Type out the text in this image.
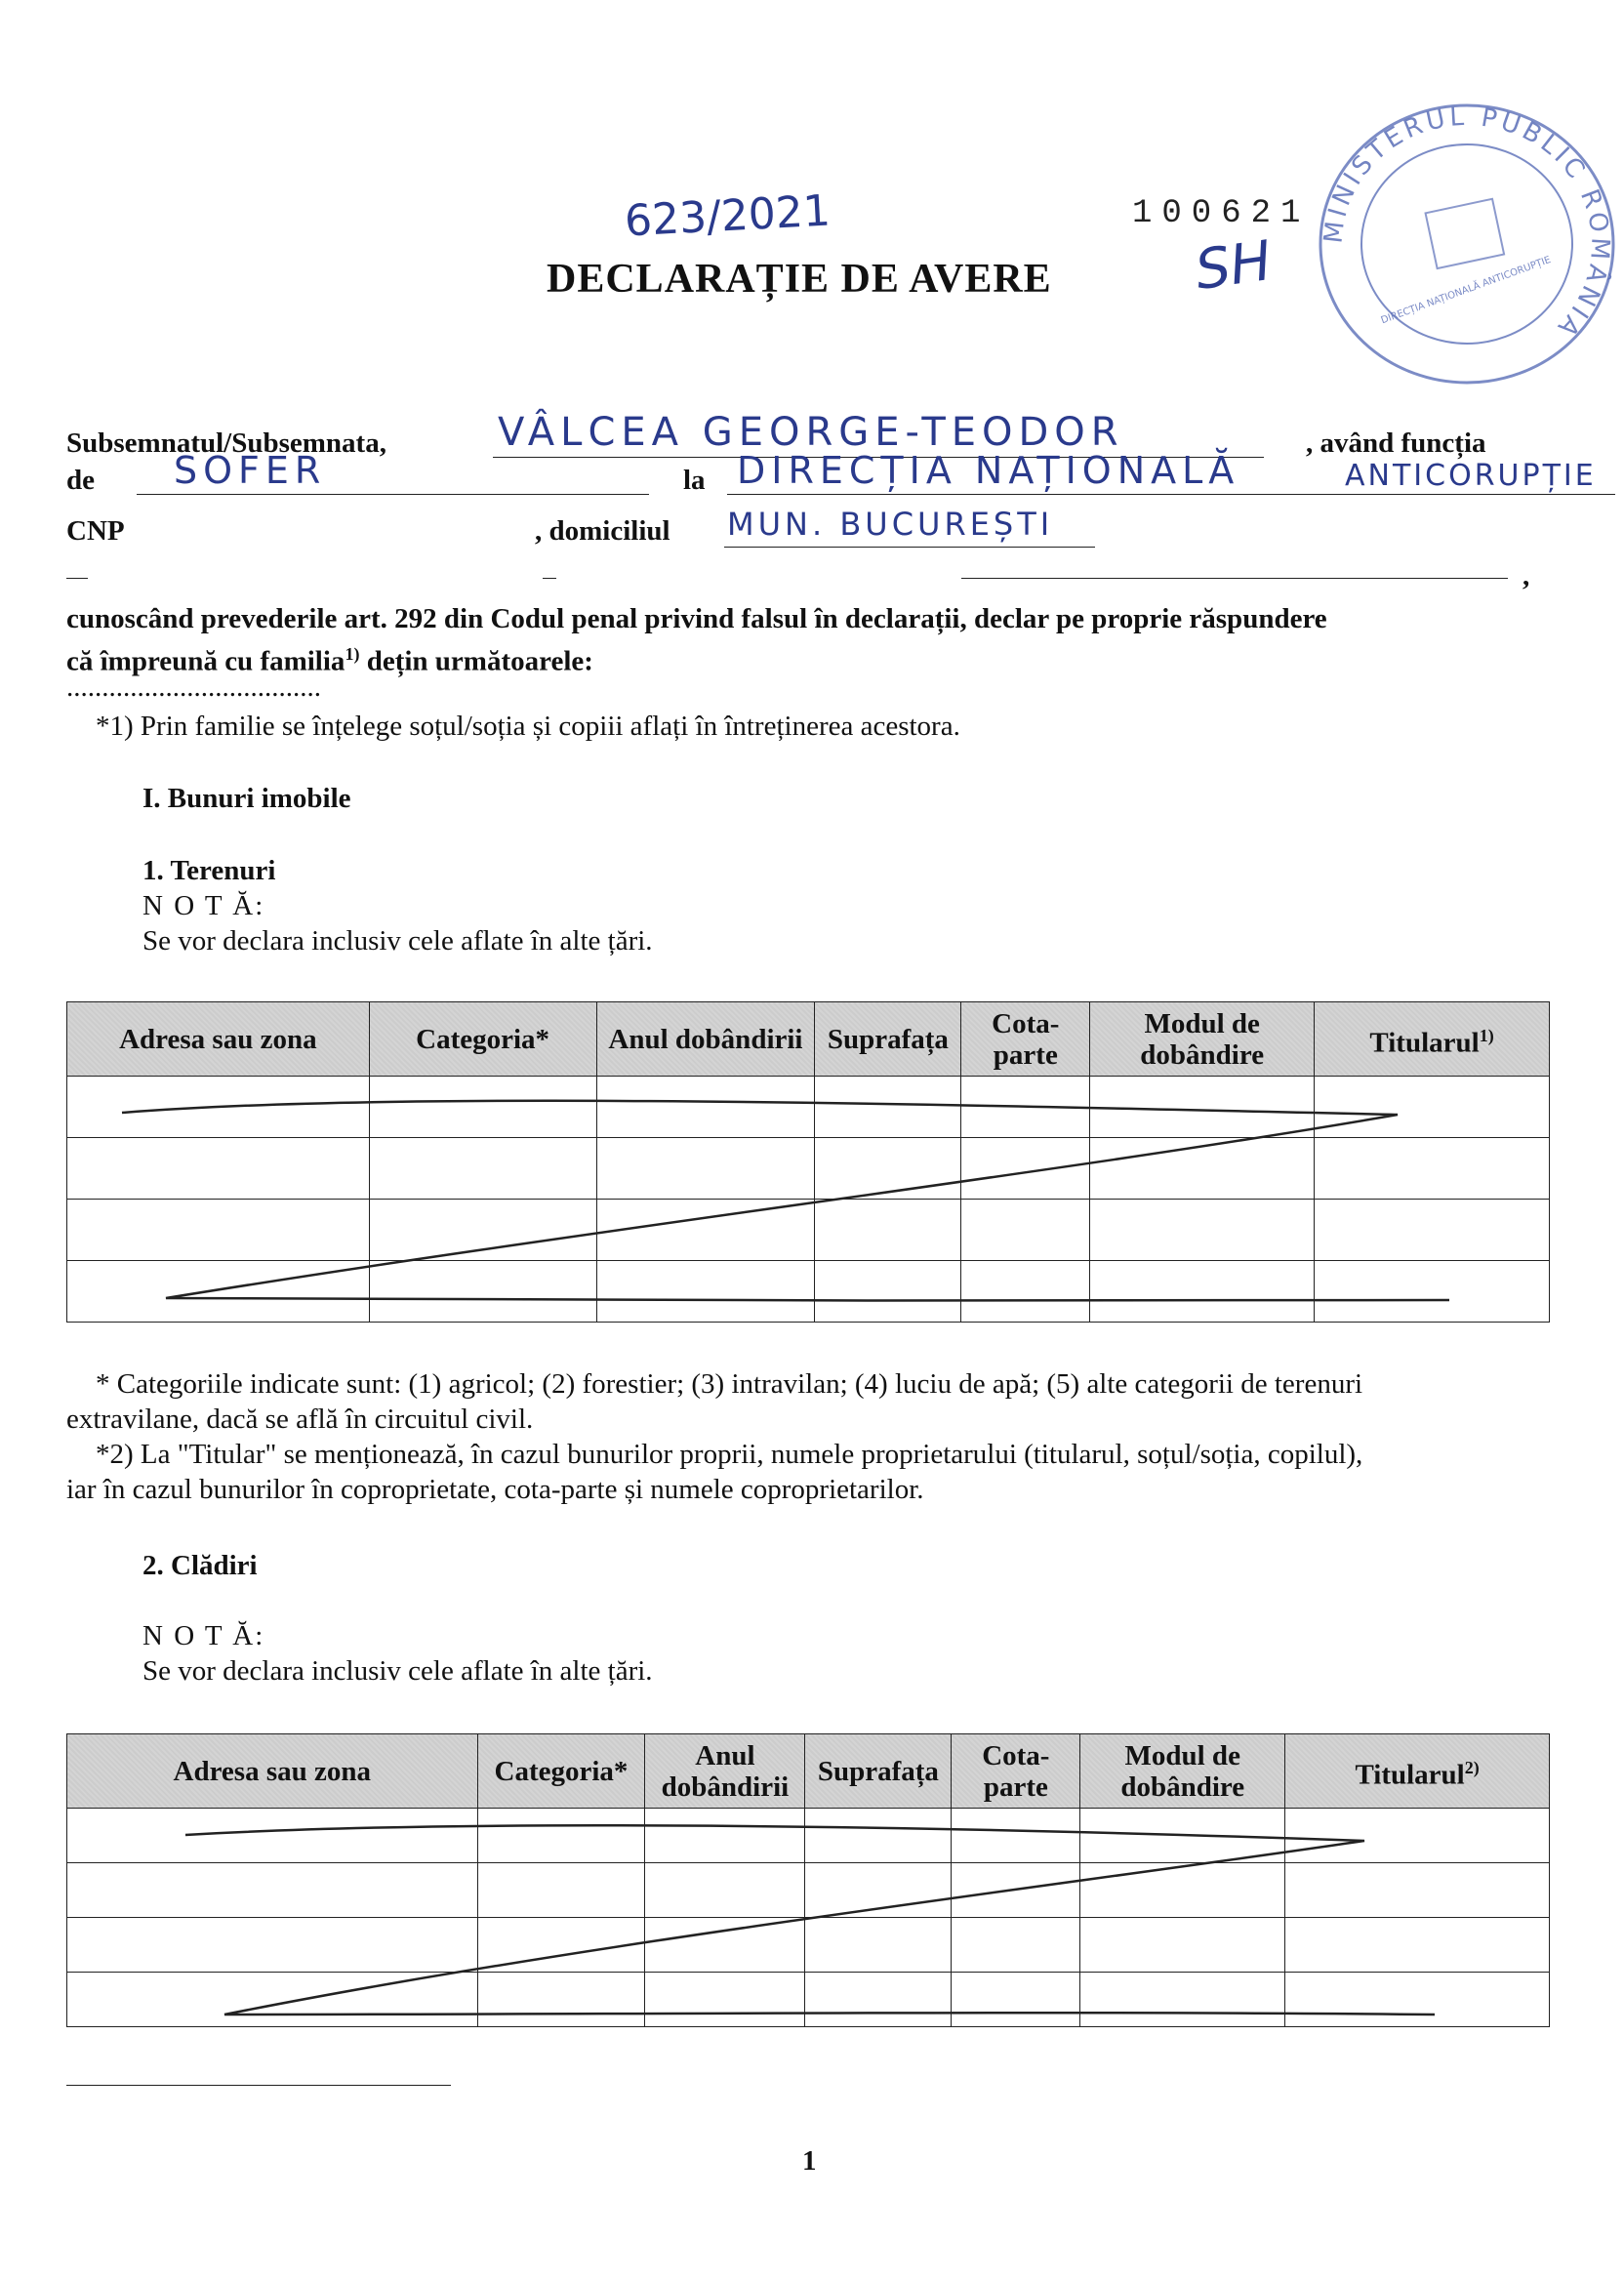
623/2021	100621
SH MINISTERUL PUBLIC ROMÂNIA
DIRECȚIA NAȚIONALĂ ANTICORUPȚIE
DECLARAȚIE DE AVERE
Subsemnatul/Subsemnata,	VÂLCEA GEORGE-TEODOR	, având funcția
de SOFER	la DIRECȚIA NAȚIONALĂ	ANTICORUPȚIE
CNP	, domiciliul MUN. BUCUREȘTI
,
cunoscând prevederile art. 292 din Codul penal privind falsul în declarații, declar pe proprie răspundere
că împreună cu familia$^{1)}$ dețin următoarele:
....................................
*1) Prin familie se înțelege soțul/soția și copiii aflați în întreținerea acestora.
I. Bunuri imobile
1. Terenuri
N O T Ă:
Se vor declara inclusiv cele aflate în alte țări.
Adresa sau zona	Categoria*	Anul dobândirii	Suprafața	Cota-parte	Modul de dobândire	Titularul$^{1)}$

* Categoriile indicate sunt: (1) agricol; (2) forestier; (3) intravilan; (4) luciu de apă; (5) alte categorii de terenuri
extravilane, dacă se află în circuitul civil.
*2) La "Titular" se menționează, în cazul bunurilor proprii, numele proprietarului (titularul, soțul/soția, copilul),
iar în cazul bunurilor în coproprietate, cota-parte și numele coproprietarilor.
2. Clădiri
N O T Ă:
Se vor declara inclusiv cele aflate în alte țări.
Adresa sau zona	Categoria*	Anul dobândirii	Suprafața	Cota-parte	Modul de dobândire	Titularul$^{2)}$

1
